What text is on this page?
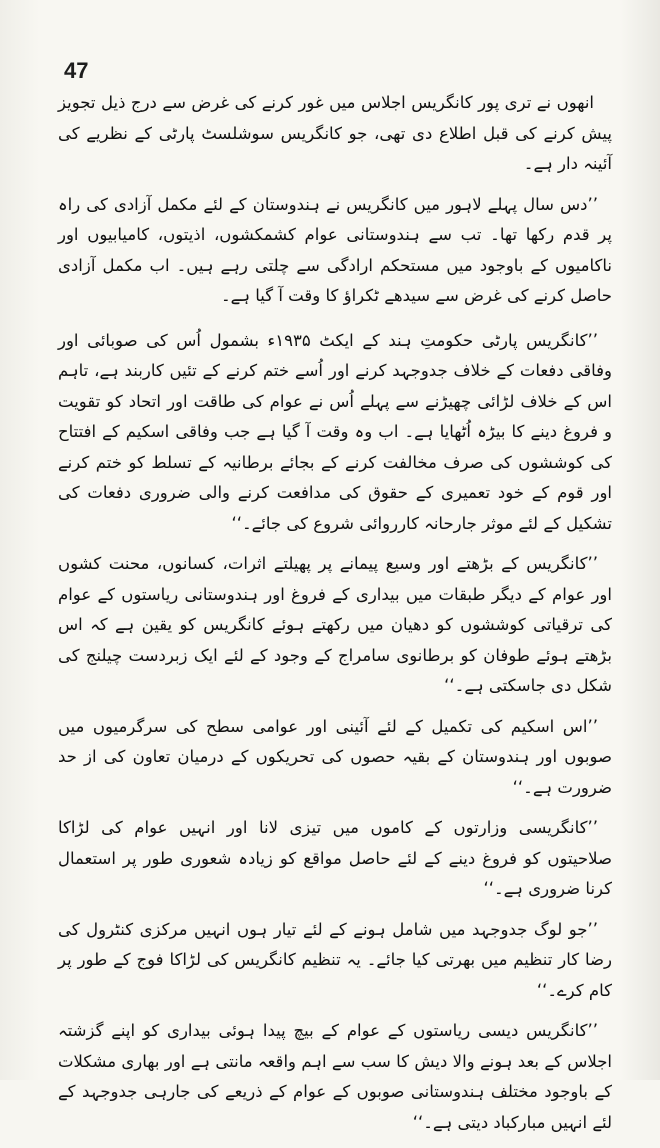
47

انھوں نے تری پور کانگریس اجلاس میں غور کرنے کی غرض سے درج ذیل تجویز پیش کرنے کی قبل اطلاع دی تھی، جو کانگریس سوشلسٹ پارٹی کے نظریے کی آئینہ دار ہے۔

’’دس سال پہلے لاہور میں کانگریس نے ہندوستان کے لئے مکمل آزادی کی راہ پر قدم رکھا تھا۔ تب سے ہندوستانی عوام کشمکشوں، اذیتوں، کامیابیوں اور ناکامیوں کے باوجود میں مستحکم ارادگی سے چلتی رہے ہیں۔ اب مکمل آزادی حاصل کرنے کی غرض سے سیدھے ٹکراؤ کا وقت آ گیا ہے۔

’’کانگریس پارٹی حکومتِ ہند کے ایکٹ ۱۹۳۵ء بشمول اُس کی صوبائی اور وفاقی دفعات کے خلاف جدوجہد کرنے اور اُسے ختم کرنے کے تئیں کاربند ہے، تاہم اس کے خلاف لڑائی چھیڑنے سے پہلے اُس نے عوام کی طاقت اور اتحاد کو تقویت و فروغ دینے کا بیڑہ اُٹھایا ہے۔ اب وہ وقت آ گیا ہے جب وفاقی اسکیم کے افتتاح کی کوششوں کی صرف مخالفت کرنے کے بجائے برطانیہ کے تسلط کو ختم کرنے اور قوم کے خود تعمیری کے حقوق کی مدافعت کرنے والی ضروری دفعات کی تشکیل کے لئے موثر جارحانہ کارروائی شروع کی جائے۔‘‘

’’کانگریس کے بڑھتے اور وسیع پیمانے پر پھیلتے اثرات، کسانوں، محنت کشوں اور عوام کے دیگر طبقات میں بیداری کے فروغ اور ہندوستانی ریاستوں کے عوام کی ترقیاتی کوششوں کو دھیان میں رکھتے ہوئے کانگریس کو یقین ہے کہ اس بڑھتے ہوئے طوفان کو برطانوی سامراج کے وجود کے لئے ایک زبردست چیلنج کی شکل دی جاسکتی ہے۔‘‘

’’اس اسکیم کی تکمیل کے لئے آئینی اور عوامی سطح کی سرگرمیوں میں صوبوں اور ہندوستان کے بقیہ حصوں کی تحریکوں کے درمیان تعاون کی از حد ضرورت ہے۔‘‘

’’کانگریسی وزارتوں کے کاموں میں تیزی لانا اور انہیں عوام کی لڑاکا صلاحیتوں کو فروغ دینے کے لئے حاصل مواقع کو زیادہ شعوری طور پر استعمال کرنا ضروری ہے۔‘‘

’’جو لوگ جدوجہد میں شامل ہونے کے لئے تیار ہوں انہیں مرکزی کنٹرول کی رضا کار تنظیم میں بھرتی کیا جائے۔ یہ تنظیم کانگریس کی لڑاکا فوج کے طور پر کام کرے۔‘‘

’’کانگریس دیسی ریاستوں کے عوام کے بیچ پیدا ہوئی بیداری کو اپنے گزشتہ اجلاس کے بعد ہونے والا دیش کا سب سے اہم واقعہ مانتی ہے اور بھاری مشکلات کے باوجود مختلف ہندوستانی صوبوں کے عوام کے ذریعے کی جارہی جدوجہد کے لئے انہیں مبارکباد دیتی ہے۔‘‘
